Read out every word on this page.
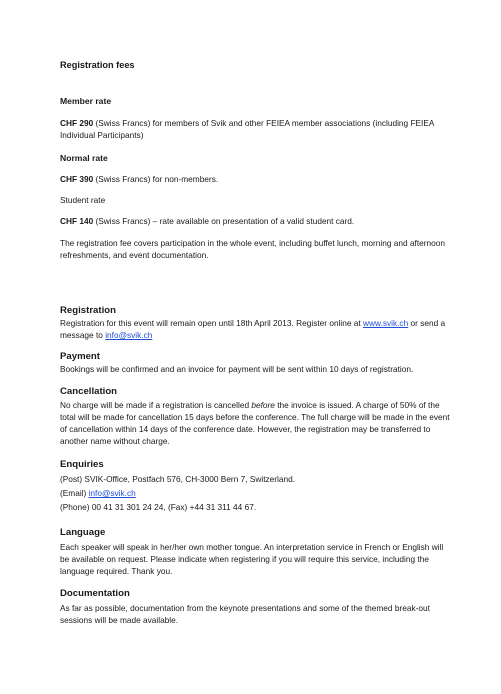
Registration fees
Member rate
CHF 290 (Swiss Francs) for members of Svik and other FEIEA member associations (including FEIEA Individual Participants)
Normal rate
CHF 390 (Swiss Francs) for non-members.
Student rate
CHF 140 (Swiss Francs) – rate available on presentation of a valid student card.
The registration fee covers participation in the whole event, including buffet lunch, morning and afternoon refreshments, and event documentation.
Registration
Registration for this event will remain open until 18th April 2013. Register online at www.svik.ch or send a message to info@svik.ch
Payment
Bookings will be confirmed and an invoice for payment will be sent within 10 days of registration.
Cancellation
No charge will be made if a registration is cancelled before the invoice is issued. A charge of 50% of the total will be made for cancellation 15 days before the conference. The full charge will be made in the event of cancellation within 14 days of the conference date. However, the registration may be transferred to another name without charge.
Enquiries
(Post) SVIK-Office, Postfach 576, CH-3000 Bern 7, Switzerland.
(Email) info@svik.ch
(Phone) 00 41 31 301 24 24, (Fax) +44 31 311 44 67.
Language
Each speaker will speak in her/her own mother tongue. An interpretation service in French or English will be available on request. Please indicate when registering if you will require this service, including the language required. Thank you.
Documentation
As far as possible, documentation from the keynote presentations and some of the themed break-out sessions will be made available.
